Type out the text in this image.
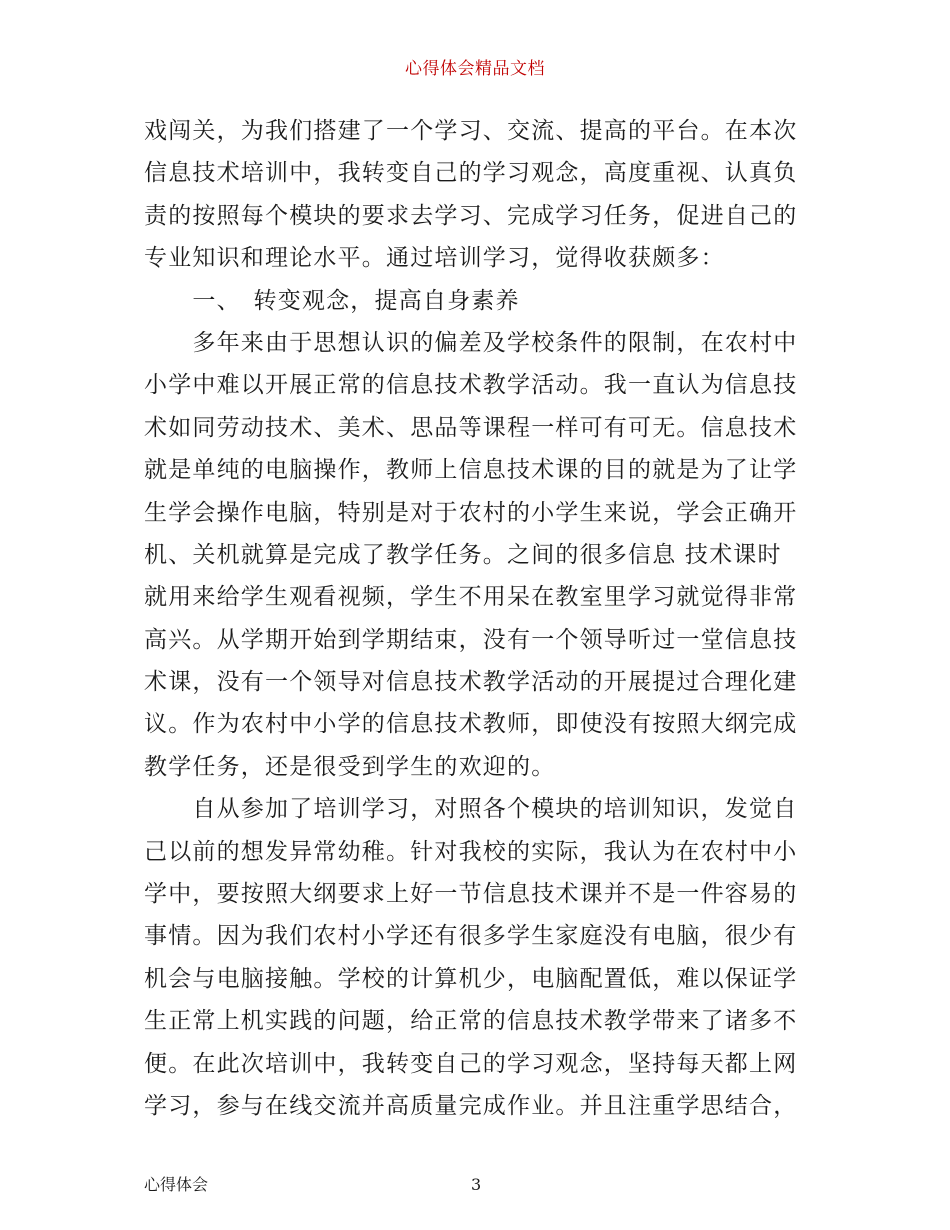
心得体会精品文档
戏闯关，为我们搭建了一个学习、交流、提高的平台。在本次
信息技术培训中，我转变自己的学习观念，高度重视、认真负
责的按照每个模块的要求去学习、完成学习任务，促进自己的
专业知识和理论水平。通过培训学习，觉得收获颇多：
　　一、　转变观念，提高自身素养
　　多年来由于思想认识的偏差及学校条件的限制，在农村中
小学中难以开展正常的信息技术教学活动。我一直认为信息技
术如同劳动技术、美术、思品等课程一样可有可无。信息技术
就是单纯的电脑操作，教师上信息技术课的目的就是为了让学
生学会操作电脑，特别是对于农村的小学生来说，学会正确开
机、关机就算是完成了教学任务。之间的很多信息 技术课时
就用来给学生观看视频，学生不用呆在教室里学习就觉得非常
高兴。从学期开始到学期结束，没有一个领导听过一堂信息技
术课，没有一个领导对信息技术教学活动的开展提过合理化建
议。作为农村中小学的信息技术教师，即使没有按照大纲完成
教学任务，还是很受到学生的欢迎的。
　　自从参加了培训学习，对照各个模块的培训知识，发觉自
己以前的想发异常幼稚。针对我校的实际，我认为在农村中小
学中，要按照大纲要求上好一节信息技术课并不是一件容易的
事情。因为我们农村小学还有很多学生家庭没有电脑，很少有
机会与电脑接触。学校的计算机少，电脑配置低，难以保证学
生正常上机实践的问题，给正常的信息技术教学带来了诸多不
便。在此次培训中，我转变自己的学习观念，坚持每天都上网
学习，参与在线交流并高质量完成作业。并且注重学思结合，
心得体会	3
